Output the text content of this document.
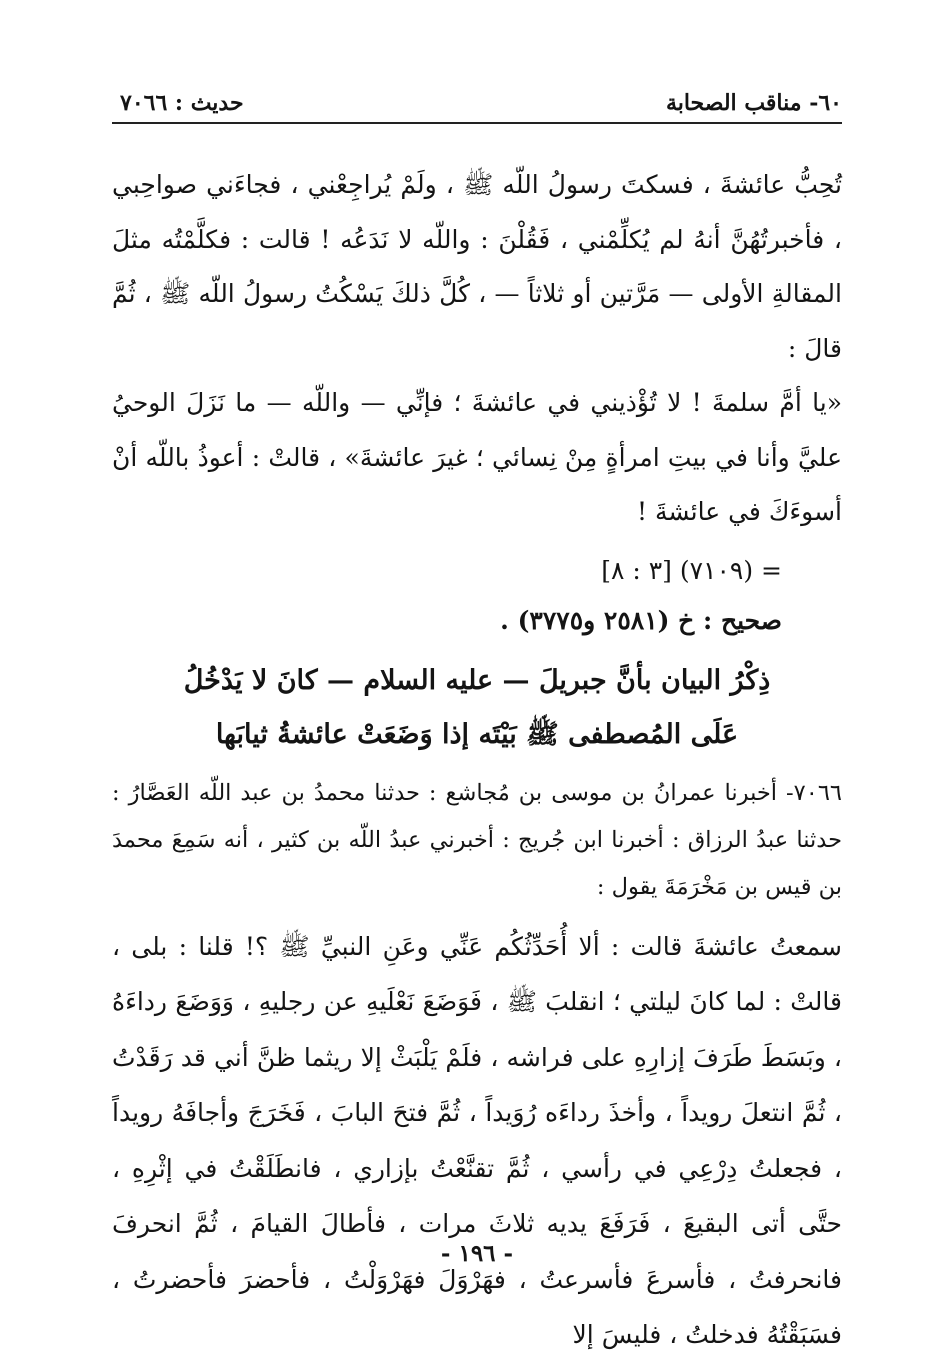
٦٠- مناقب الصحابة
حديث : ٧٠٦٦

تُحِبُّ عائشةَ ، فسكتَ رسولُ اللّه ﷺ ، ولَمْ يُراجِعْني ، فجاءَني صواحِبي ، فأخبرتُهُنَّ أنهُ لم يُكلِّمْني ، فَقُلْنَ : واللّه لا نَدَعُه ! قالت : فكلَّمْتُه مثلَ المقالةِ الأولى — مَرَّتين أو ثلاثاً — ، كُلَّ ذلكَ يَسْكُتُ رسولُ اللّه ﷺ ، ثُمَّ قالَ :

«يا أمَّ سلمةَ ! لا تُؤْذيني في عائشةَ ؛ فإنِّي — واللّه — ما نَزَلَ الوحيُ عليَّ وأنا في بيتِ امرأةٍ مِنْ نِسائي ؛ غيرَ عائشةَ» ، قالتْ : أعوذُ باللّه أنْ أسوءَكَ في عائشةَ !

= (٧١٠٩) [٣ : ٨]

صحيح : خ (٢٥٨١ و٣٧٧٥) .

ذِكْرُ البيان بأنَّ جبريلَ — عليه السلام — كانَ لا يَدْخُلُ
عَلَى المُصطفى ﷺ بَيْتَه إذا وَضَعَتْ عائشةُ ثيابَها

٧٠٦٦- أخبرنا عمرانُ بن موسى بن مُجاشع : حدثنا محمدُ بن عبد اللّه العَصَّارُ : حدثنا عبدُ الرزاق : أخبرنا ابن جُريج : أخبرني عبدُ اللّه بن كثير ، أنه سَمِعَ محمدَ بن قيس بن مَخْرَمَةَ يقول :

سمعتُ عائشةَ قالت : ألا أُحَدِّثُكُم عَنِّي وعَنِ النبيِّ ﷺ ؟! قلنا : بلى ، قالتْ : لما كانَ ليلتي ؛ انقلبَ ﷺ ، فَوَضَعَ نَعْلَيهِ عن رجليهِ ، وَوَضَعَ رداءَهُ ، وبَسَطَ طَرَفَ إزارِهِ على فراشه ، فلَمْ يَلْبَثْ إلا ريثما ظنَّ أني قد رَقَدْتُ ، ثُمَّ انتعلَ رويداً ، وأخذَ رداءَه رُوَيداً ، ثُمَّ فتحَ البابَ ، فَخَرَجَ وأجافَهُ رويداً ، فجعلتُ دِرْعِي في رأسي ، ثُمَّ تقنَّعْتُ بإزاري ، فانطَلَقْتُ في إثْرِهِ ، حتَّى أتى البقيعَ ، فَرَفَعَ يديه ثلاثَ مرات ، فأطالَ القيامَ ، ثُمَّ انحرفَ فانحرفتُ ، فأسرعَ فأسرعتُ ، فهَرْوَلَ فهَرْوَلْتُ ، فأحضرَ فأحضرتُ ، فسَبَقْتُهُ فدخلتُ ، فليسَ إلا

- ١٩٦ -
